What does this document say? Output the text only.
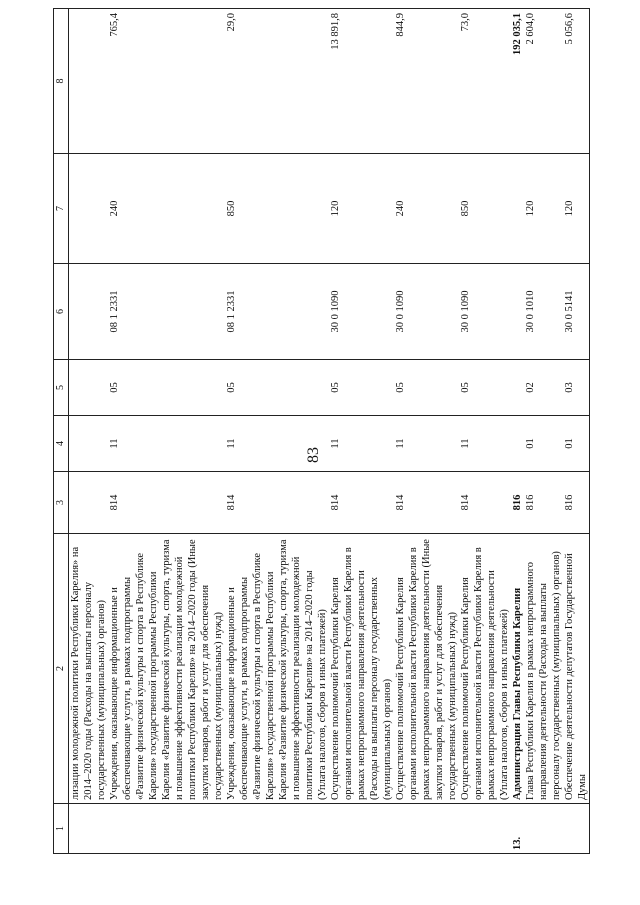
83
1	2	3	4	5	6	7	8
	лизации молодежной политики Республики Карелия» на 2014–2020 годы (Расходы на выплаты персоналу государственных (муниципальных) органов)						
	Учреждения, оказывающие информационные и обеспечивающие услуги, в рамках подпрограммы «Развитие физической культуры и спорта в Республике Карелия» государственной программы Республики Карелия «Развитие физической культуры, спорта, туризма и повышение эффективности реализации молодежной политики Республики Карелия» на 2014–2020 годы (Иные закупки товаров, работ и услуг для обеспечения государственных (муниципальных) нужд)	814	11	05	08 1 2331	240	765,4
	Учреждения, оказывающие информационные и обеспечивающие услуги, в рамках подпрограммы «Развитие физической культуры и спорта в Республике Карелия» государственной программы Республики Карелия «Развитие физической культуры, спорта, туризма и повышение эффективности реализации молодежной политики Республики Карелия» на 2014–2020 годы (Уплата налогов, сборов и иных платежей)	814	11	05	08 1 2331	850	29,0
	Осуществление полномочий Республики Карелия органами исполнительной власти Республики Карелия в рамках непрограммного направления деятельности (Расходы на выплаты персоналу государственных (муниципальных) органов)	814	11	05	30 0 1090	120	13 891,8
	Осуществление полномочий Республики Карелия органами исполнительной власти Республики Карелия в рамках непрограммного направления деятельности (Иные закупки товаров, работ и услуг для обеспечения государственных (муниципальных) нужд)	814	11	05	30 0 1090	240	844,9
	Осуществление полномочий Республики Карелия органами исполнительной власти Республики Карелия в рамках непрограммного направления деятельности (Уплата налогов, сборов и иных платежей)	814	11	05	30 0 1090	850	73,0
13.	Администрация Главы Республики Карелия	816					192 035,1
	Глава Республики Карелия в рамках непрограммного направления деятельности (Расходы на выплаты персоналу государственных (муниципальных) органов)	816	01	02	30 0 1010	120	2 604,0
	Обеспечение деятельности депутатов Государственной Думы	816	01	03	30 0 5141	120	5 056,6
